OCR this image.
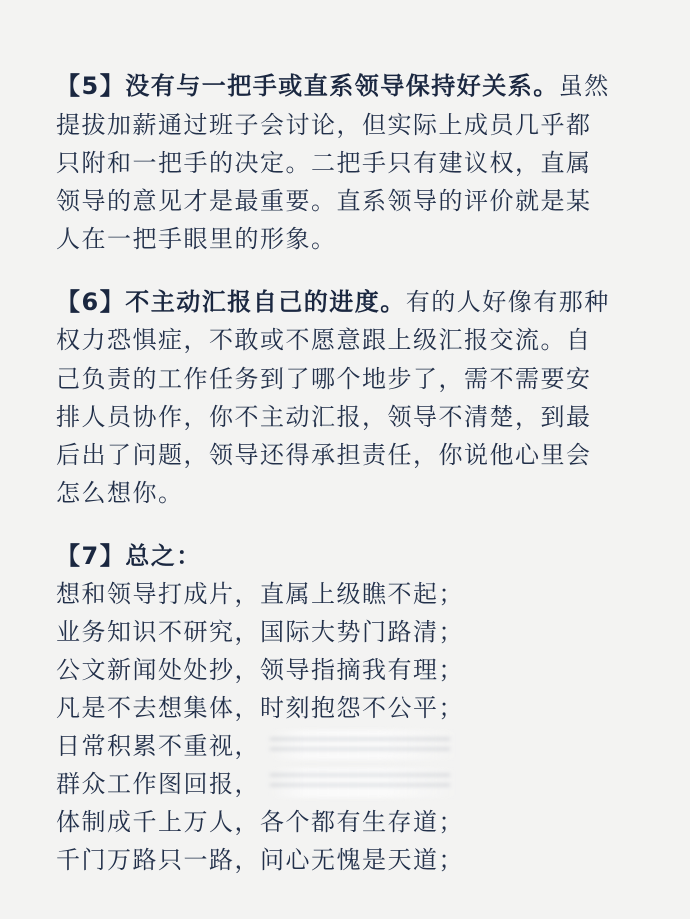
【5】没有与一把手或直系领导保持好关系。虽然
提拔加薪通过班子会讨论，但实际上成员几乎都
只附和一把手的决定。二把手只有建议权，直属
领导的意见才是最重要。直系领导的评价就是某
人在一把手眼里的形象。
【6】不主动汇报自己的进度。有的人好像有那种
权力恐惧症，不敢或不愿意跟上级汇报交流。自
己负责的工作任务到了哪个地步了，需不需要安
排人员协作，你不主动汇报，领导不清楚，到最
后出了问题，领导还得承担责任，你说他心里会
怎么想你。
【7】总之：
想和领导打成片，直属上级瞧不起；
业务知识不研究，国际大势门路清；
公文新闻处处抄，领导指摘我有理；
凡是不去想集体，时刻抱怨不公平；
日常积累不重视，
群众工作图回报，
体制成千上万人，各个都有生存道；
千门万路只一路，问心无愧是天道；
